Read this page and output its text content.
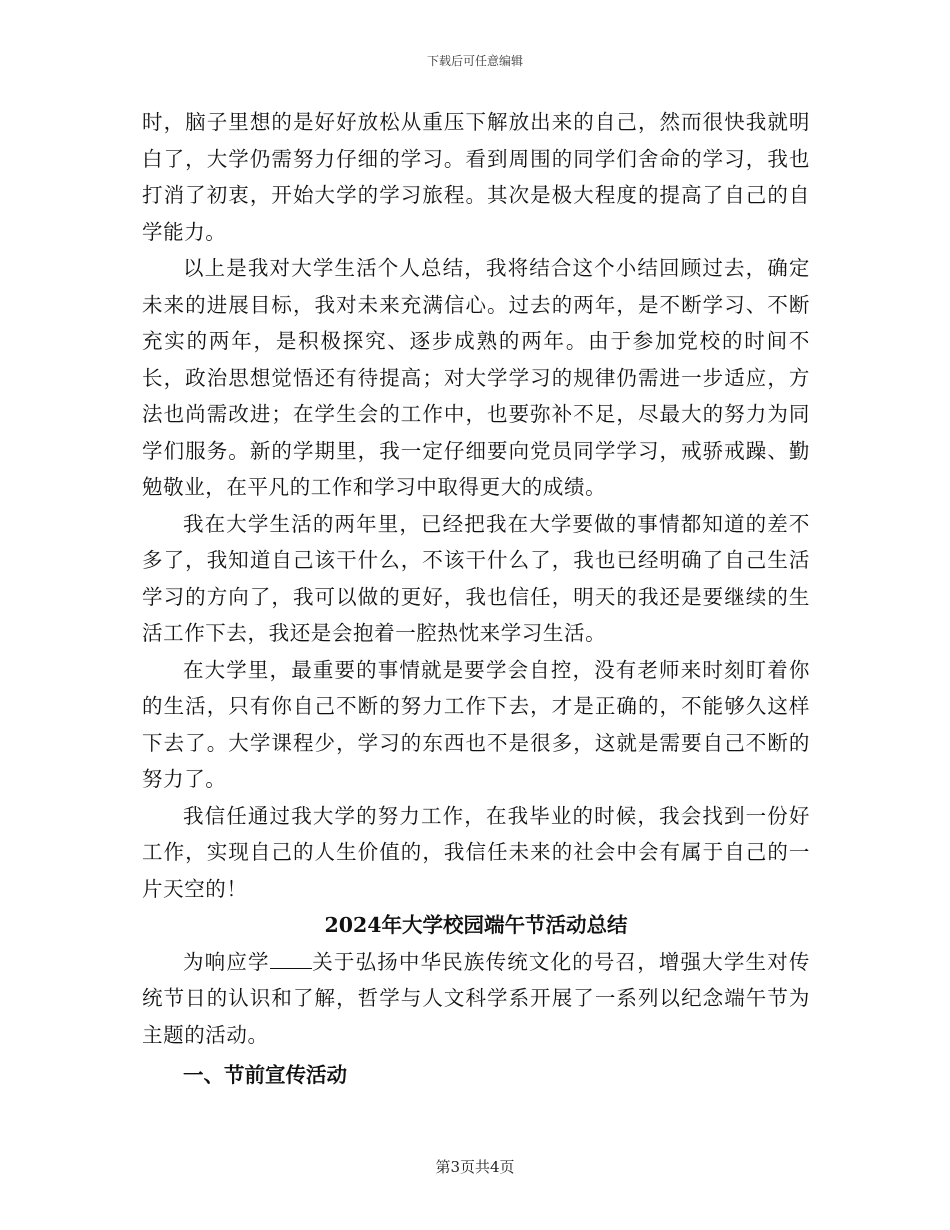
下载后可任意编辑

时，脑子里想的是好好放松从重压下解放出来的自己，然而很快我就明白了，大学仍需努力仔细的学习。看到周围的同学们舍命的学习，我也打消了初衷，开始大学的学习旅程。其次是极大程度的提高了自己的自学能力。

以上是我对大学生活个人总结，我将结合这个小结回顾过去，确定未来的进展目标，我对未来充满信心。过去的两年，是不断学习、不断充实的两年，是积极探究、逐步成熟的两年。由于参加党校的时间不长，政治思想觉悟还有待提高；对大学学习的规律仍需进一步适应，方法也尚需改进；在学生会的工作中，也要弥补不足，尽最大的努力为同学们服务。新的学期里，我一定仔细要向党员同学学习，戒骄戒躁、勤勉敬业，在平凡的工作和学习中取得更大的成绩。

我在大学生活的两年里，已经把我在大学要做的事情都知道的差不多了，我知道自己该干什么，不该干什么了，我也已经明确了自己生活学习的方向了，我可以做的更好，我也信任，明天的我还是要继续的生活工作下去，我还是会抱着一腔热忱来学习生活。

在大学里，最重要的事情就是要学会自控，没有老师来时刻盯着你的生活，只有你自己不断的努力工作下去，才是正确的，不能够久这样下去了。大学课程少，学习的东西也不是很多，这就是需要自己不断的努力了。

我信任通过我大学的努力工作，在我毕业的时候，我会找到一份好工作，实现自己的人生价值的，我信任未来的社会中会有属于自己的一片天空的！

2024年大学校园端午节活动总结

为响应学 关于弘扬中华民族传统文化的号召，增强大学生对传统节日的认识和了解，哲学与人文科学系开展了一系列以纪念端午节为主题的活动。

一、节前宣传活动

第3页共4页
